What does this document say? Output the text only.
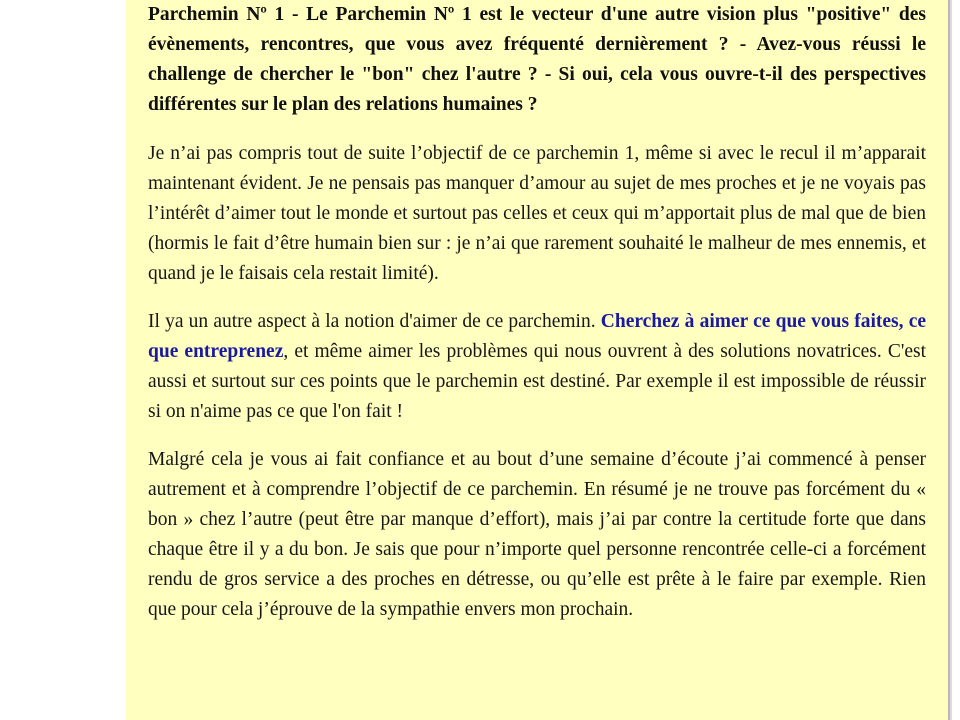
Parchemin Nº 1 - Le Parchemin Nº 1 est le vecteur d'une autre vision plus "positive" des évènements, rencontres, que vous avez fréquenté dernièrement ? - Avez-vous réussi le challenge de chercher le "bon" chez l'autre ? - Si oui, cela vous ouvre-t-il des perspectives différentes sur le plan des relations humaines ?

Je n’ai pas compris tout de suite l’objectif de ce parchemin 1, même si avec le recul il m’apparait maintenant évident. Je ne pensais pas manquer d’amour au sujet de mes proches et je ne voyais pas l’intérêt d’aimer tout le monde et surtout pas celles et ceux qui m’apportait plus de mal que de bien (hormis le fait d’être humain bien sur : je n’ai que rarement souhaité le malheur de mes ennemis, et quand je le faisais cela restait limité).

Il ya un autre aspect à la notion d'aimer de ce parchemin. Cherchez à aimer ce que vous faites, ce que entreprenez, et même aimer les problèmes qui nous ouvrent à des solutions novatrices. C'est aussi et surtout sur ces points que le parchemin est destiné. Par exemple il est impossible de réussir si on n'aime pas ce que l'on fait !

Malgré cela je vous ai fait confiance et au bout d’une semaine d’écoute j’ai commencé à penser autrement et à comprendre l’objectif de ce parchemin. En résumé je ne trouve pas forcément du « bon » chez l’autre (peut être par manque d’effort), mais j’ai par contre la certitude forte que dans chaque être il y a du bon. Je sais que pour n’importe quel personne rencontrée celle-ci a forcément rendu de gros service a des proches en détresse, ou qu’elle est prête à le faire par exemple. Rien que pour cela j’éprouve de la sympathie envers mon prochain.
